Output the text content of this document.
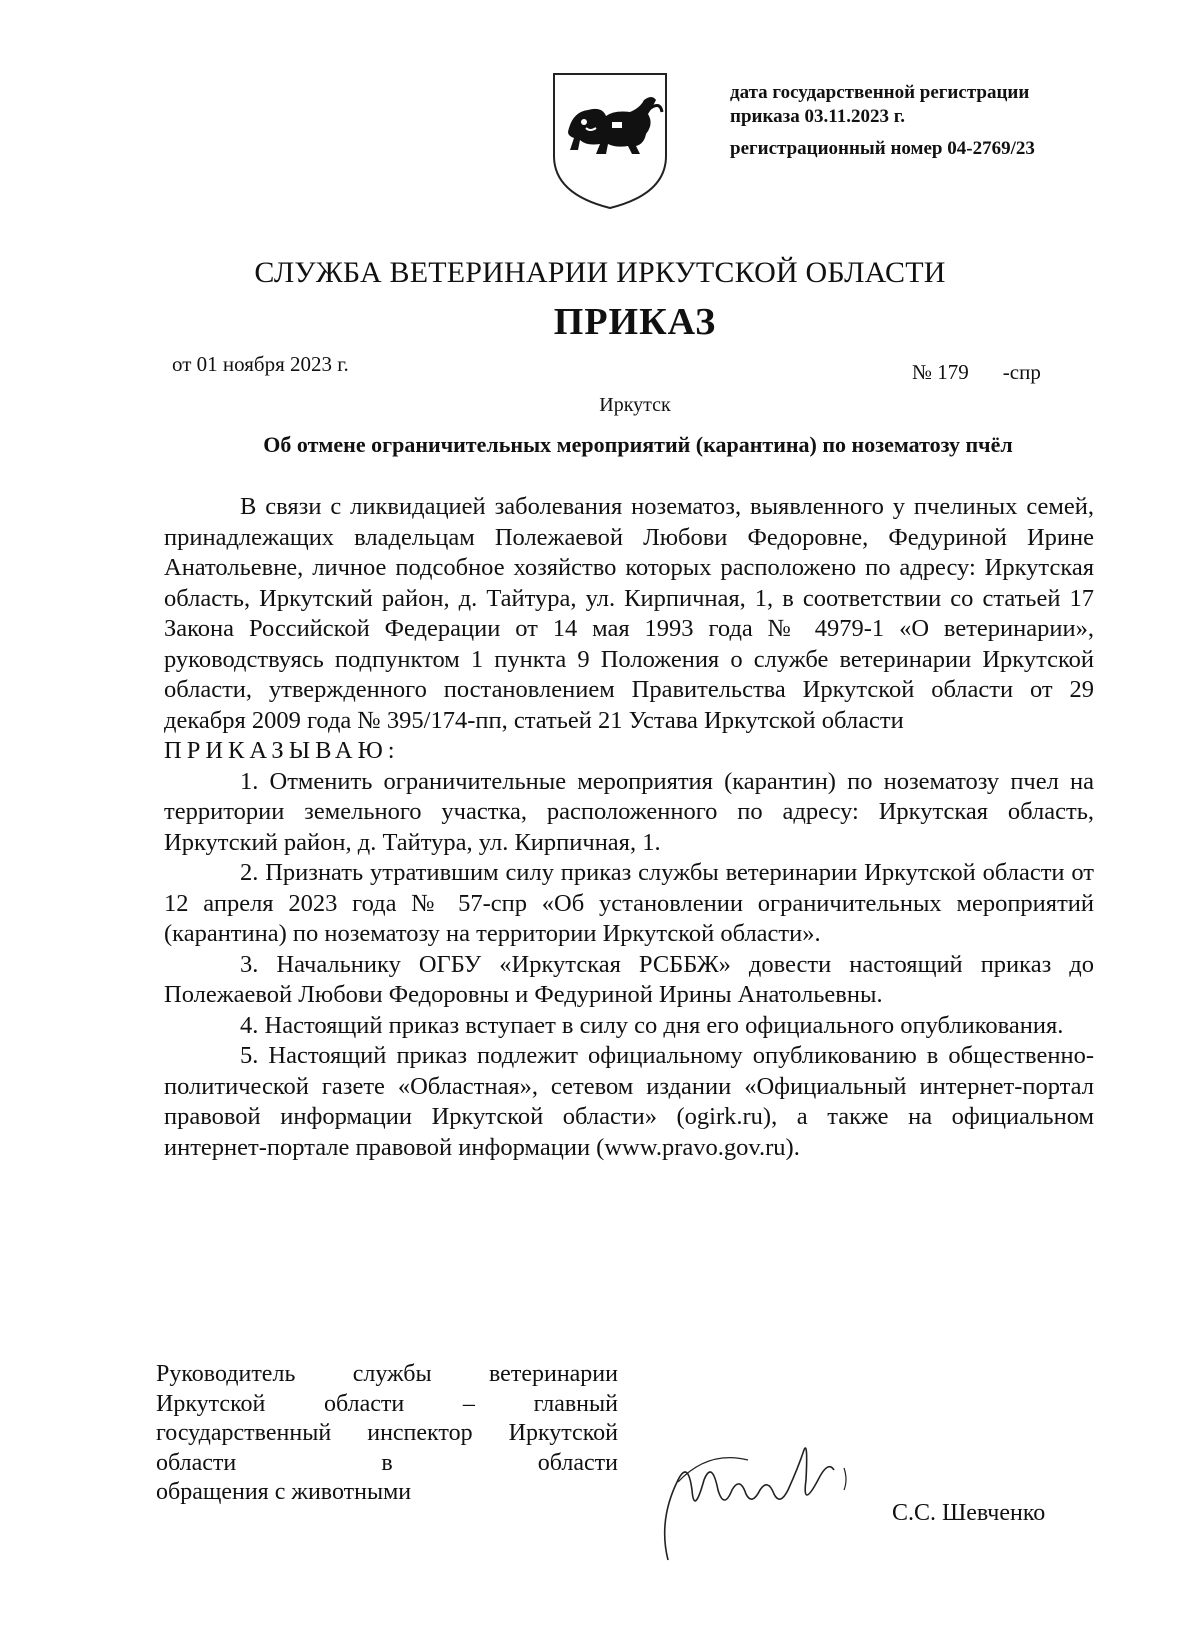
дата государственной регистрации
приказа 03.11.2023 г.
регистрационный номер 04-2769/23
СЛУЖБА ВЕТЕРИНАРИИ ИРКУТСКОЙ ОБЛАСТИ
ПРИКАЗ
от 01 ноября 2023 г.	№ 179 -спр
Иркутск
Об отмене ограничительных мероприятий (карантина) по нозематозу пчёл

В связи с ликвидацией заболевания нозематоз, выявленного у пчелиных семей, принадлежащих владельцам Полежаевой Любови Федоровне, Федуриной Ирине Анатольевне, личное подсобное хозяйство которых расположено по адресу: Иркутская область, Иркутский район, д. Тайтура, ул. Кирпичная, 1, в соответствии со статьей 17 Закона Российской Федерации от 14 мая 1993 года № 4979-1 «О ветеринарии», руководствуясь подпунктом 1 пункта 9 Положения о службе ветеринарии Иркутской области, утвержденного постановлением Правительства Иркутской области от 29 декабря 2009 года № 395/174-пп, статьей 21 Устава Иркутской области

ПРИКАЗЫВАЮ:

1. Отменить ограничительные мероприятия (карантин) по нозематозу пчел на территории земельного участка, расположенного по адресу: Иркутская область, Иркутский район, д. Тайтура, ул. Кирпичная, 1.

2. Признать утратившим силу приказ службы ветеринарии Иркутской области от 12 апреля 2023 года № 57-спр «Об установлении ограничительных мероприятий (карантина) по нозематозу на территории Иркутской области».

3. Начальнику ОГБУ «Иркутская РСББЖ» довести настоящий приказ до Полежаевой Любови Федоровны и Федуриной Ирины Анатольевны.

4. Настоящий приказ вступает в силу со дня его официального опубликования.

5. Настоящий приказ подлежит официальному опубликованию в общественно-политической газете «Областная», сетевом издании «Официальный интернет-портал правовой информации Иркутской области» (ogirk.ru), а также на официальном интернет-портале правовой информации (www.pravo.gov.ru).

Руководитель службы ветеринарии Иркутской области – главный государственный инспектор Иркутской области в области
обращения с животными
С.С. Шевченко
